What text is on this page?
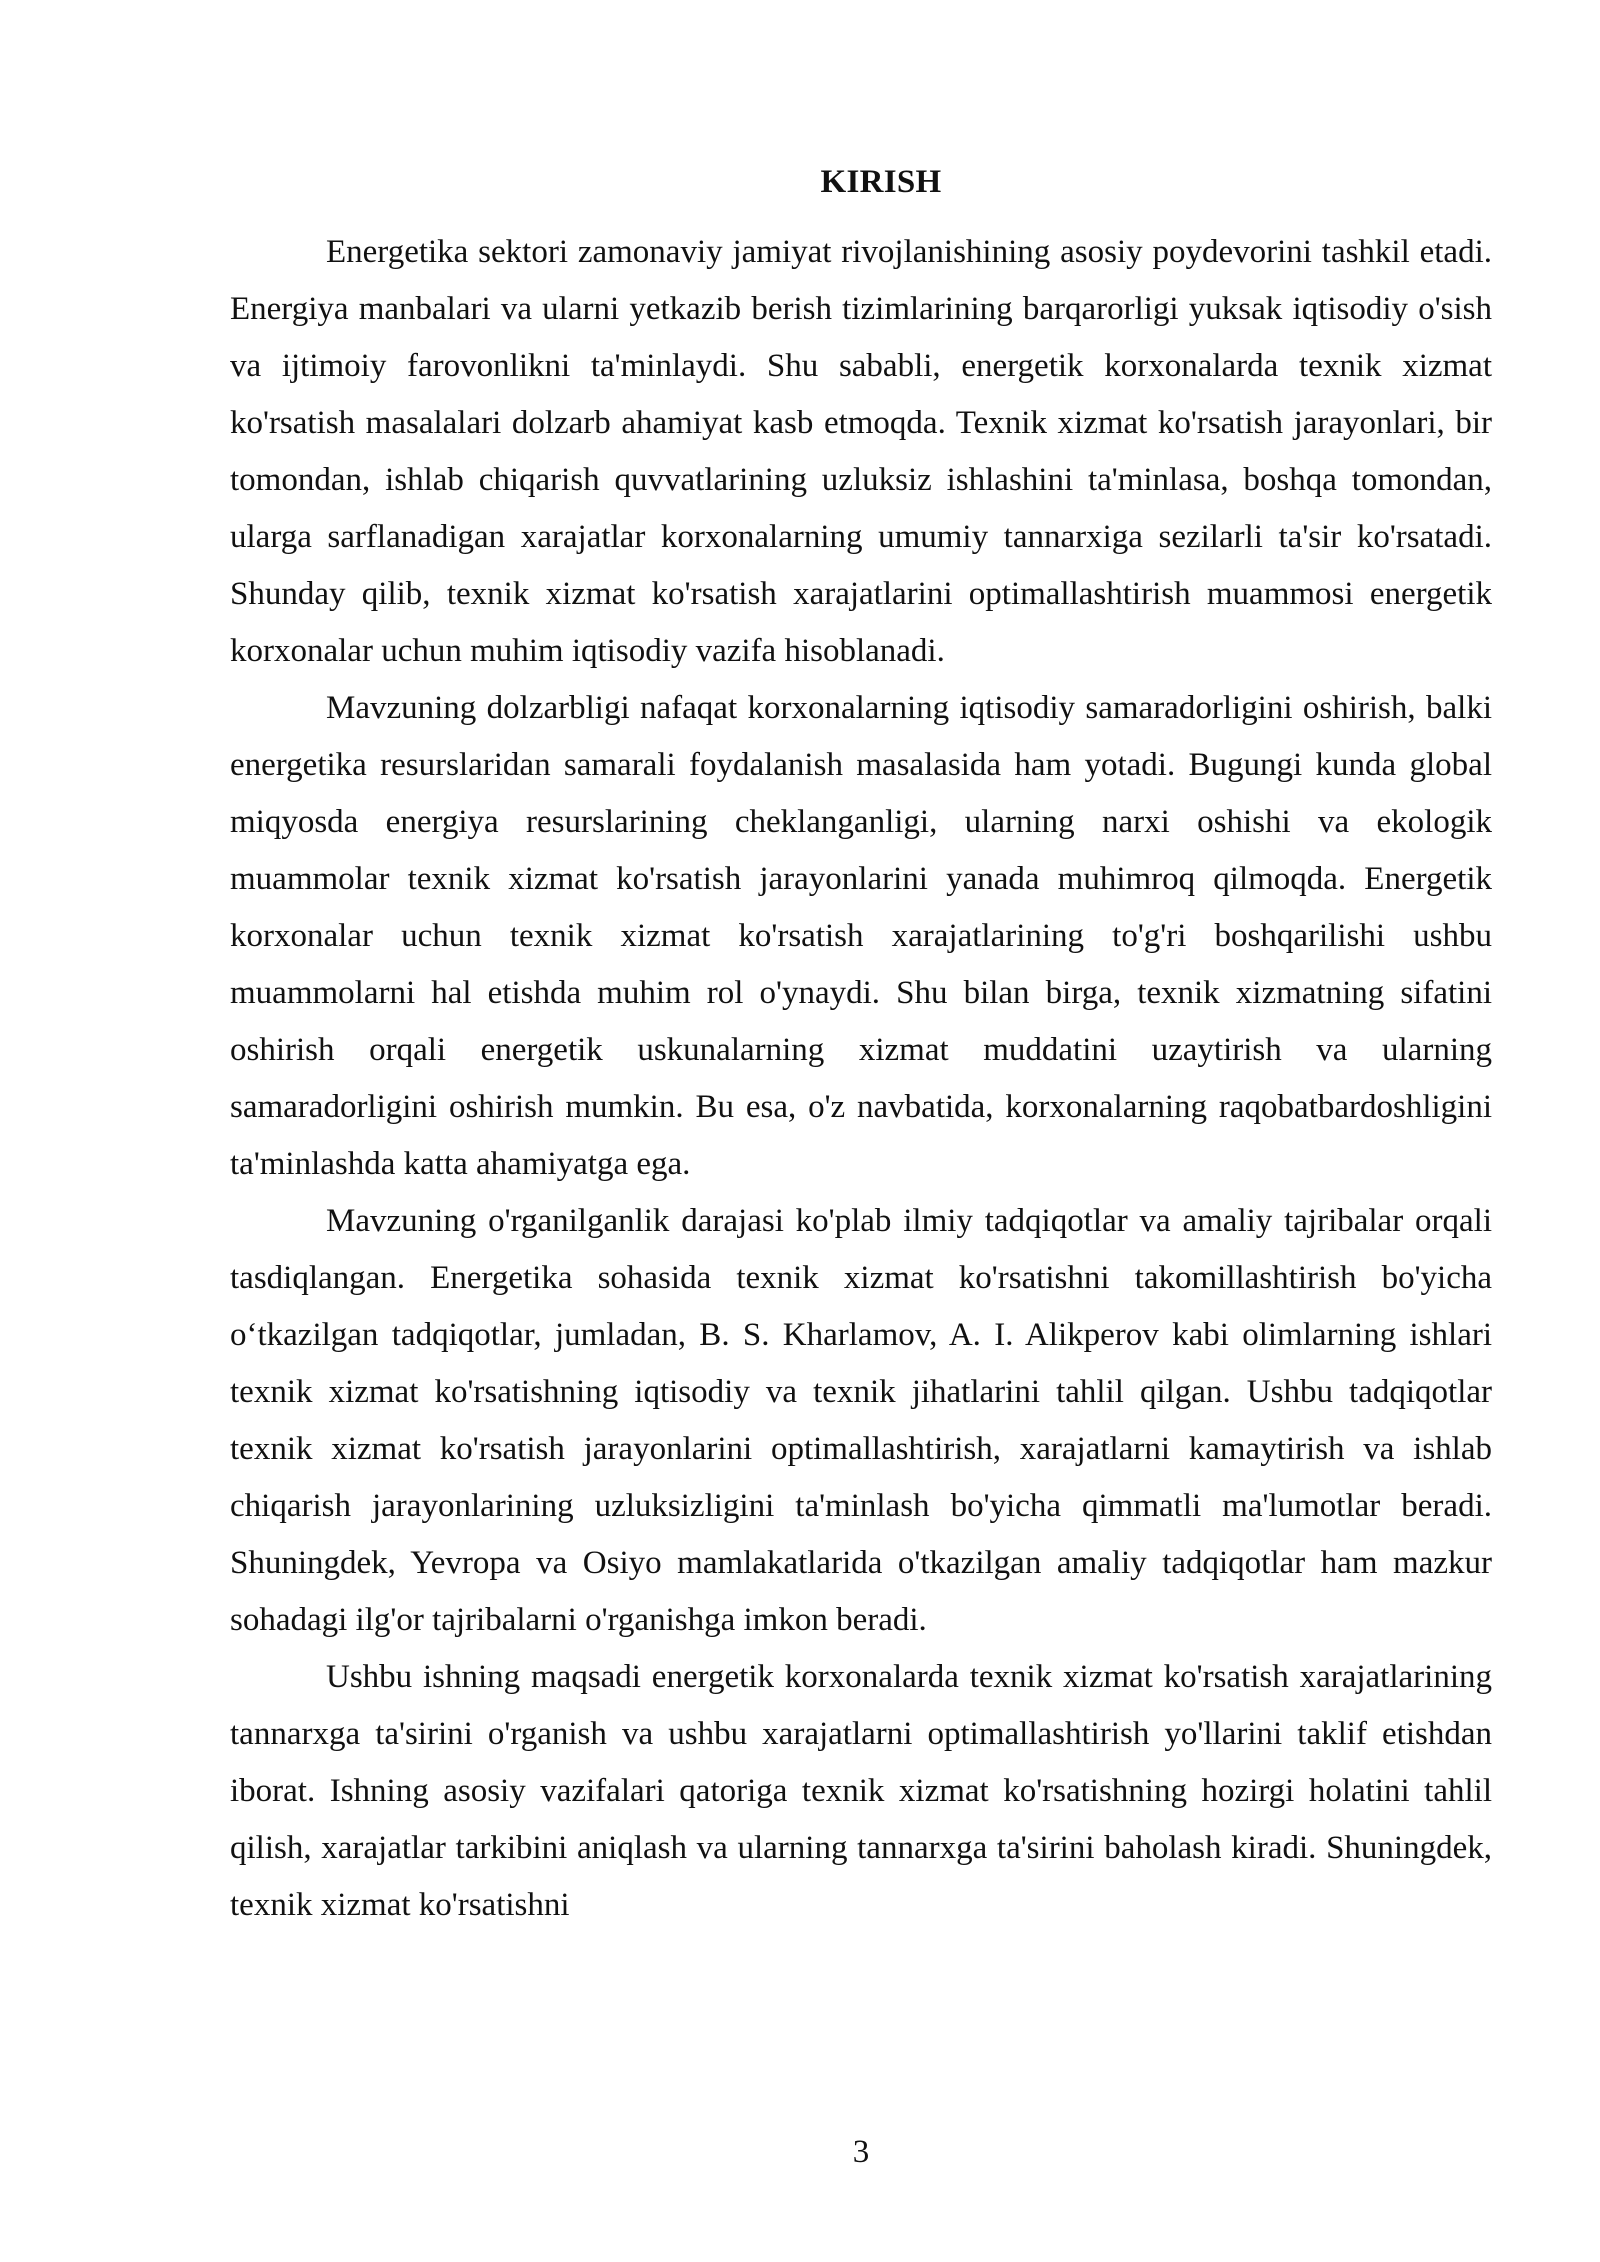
KIRISH

Energetika sektori zamonaviy jamiyat rivojlanishining asosiy poydevorini tashkil etadi. Energiya manbalari va ularni yetkazib berish tizimlarining barqarorligi yuksak iqtisodiy o'sish va ijtimoiy farovonlikni ta'minlaydi. Shu sababli, energetik korxonalarda texnik xizmat ko'rsatish masalalari dolzarb ahamiyat kasb etmoqda. Texnik xizmat ko'rsatish jarayonlari, bir tomondan, ishlab chiqarish quvvatlarining uzluksiz ishlashini ta'minlasa, boshqa tomondan, ularga sarflanadigan xarajatlar korxonalarning umumiy tannarxiga sezilarli ta'sir ko'rsatadi. Shunday qilib, texnik xizmat ko'rsatish xarajatlarini optimallashtirish muammosi energetik korxonalar uchun muhim iqtisodiy vazifa hisoblanadi.

Mavzuning dolzarbligi nafaqat korxonalarning iqtisodiy samaradorligini oshirish, balki energetika resurslaridan samarali foydalanish masalasida ham yotadi. Bugungi kunda global miqyosda energiya resurslarining cheklanganligi, ularning narxi oshishi va ekologik muammolar texnik xizmat ko'rsatish jarayonlarini yanada muhimroq qilmoqda. Energetik korxonalar uchun texnik xizmat ko'rsatish xarajatlarining to'g'ri boshqarilishi ushbu muammolarni hal etishda muhim rol o'ynaydi. Shu bilan birga, texnik xizmatning sifatini oshirish orqali energetik uskunalarning xizmat muddatini uzaytirish va ularning samaradorligini oshirish mumkin. Bu esa, o'z navbatida, korxonalarning raqobatbardoshligini ta'minlashda katta ahamiyatga ega.

Mavzuning o'rganilganlik darajasi ko'plab ilmiy tadqiqotlar va amaliy tajribalar orqali tasdiqlangan. Energetika sohasida texnik xizmat ko'rsatishni takomillashtirish bo'yicha o‘tkazilgan tadqiqotlar, jumladan, B. S. Kharlamov, A. I. Alikperov kabi olimlarning ishlari texnik xizmat ko'rsatishning iqtisodiy va texnik jihatlarini tahlil qilgan. Ushbu tadqiqotlar texnik xizmat ko'rsatish jarayonlarini optimallashtirish, xarajatlarni kamaytirish va ishlab chiqarish jarayonlarining uzluksizligini ta'minlash bo'yicha qimmatli ma'lumotlar beradi. Shuningdek, Yevropa va Osiyo mamlakatlarida o'tkazilgan amaliy tadqiqotlar ham mazkur sohadagi ilg'or tajribalarni o'rganishga imkon beradi.

Ushbu ishning maqsadi energetik korxonalarda texnik xizmat ko'rsatish xarajatlarining tannarxga ta'sirini o'rganish va ushbu xarajatlarni optimallashtirish yo'llarini taklif etishdan iborat. Ishning asosiy vazifalari qatoriga texnik xizmat ko'rsatishning hozirgi holatini tahlil qilish, xarajatlar tarkibini aniqlash va ularning tannarxga ta'sirini baholash kiradi. Shuningdek, texnik xizmat ko'rsatishni

3
